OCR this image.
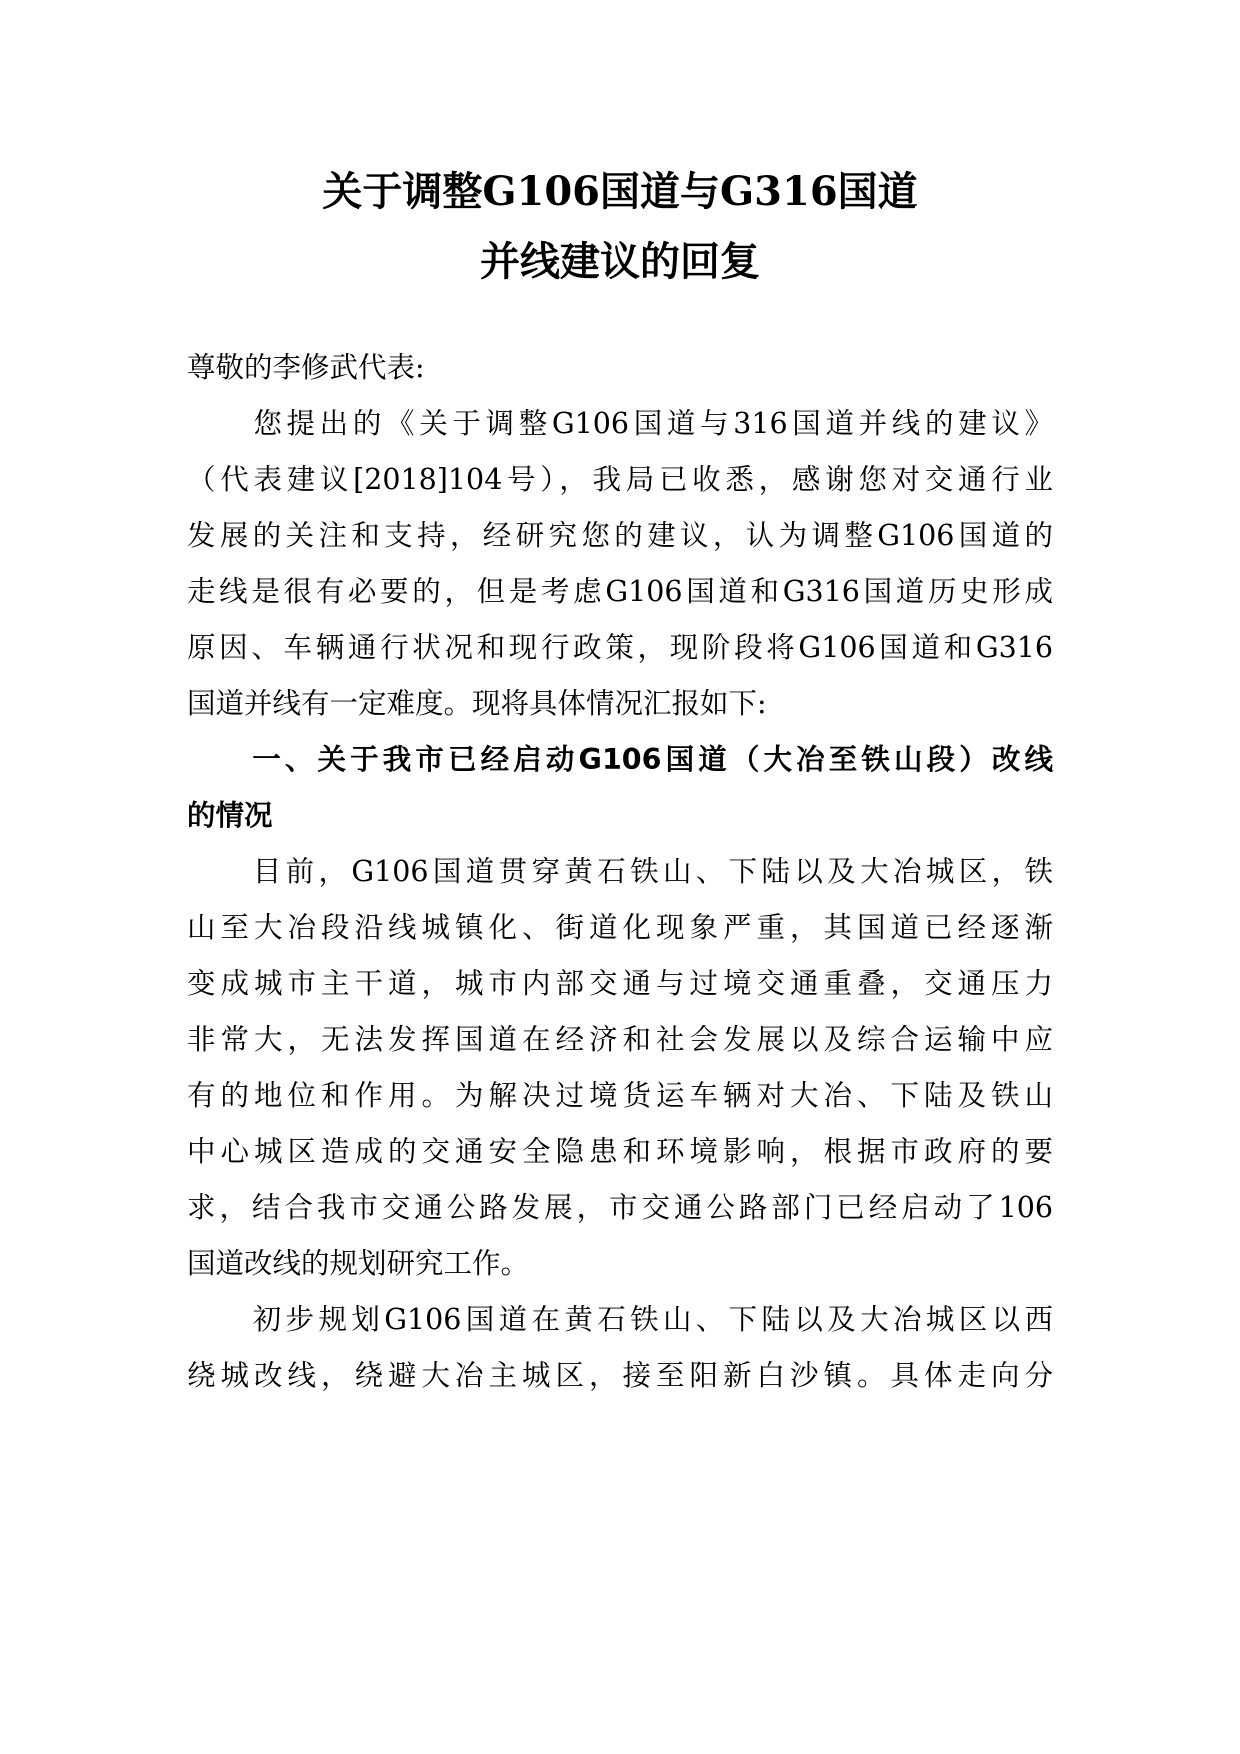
关于调整G106国道与G316国道
并线建议的回复
尊敬的李修武代表:
　　您提出的《关于调整G106国道与316国道并线的建议》
（代表建议[2018]104号），我局已收悉，感谢您对交通行业
发展的关注和支持，经研究您的建议，认为调整G106国道的
走线是很有必要的，但是考虑G106国道和G316国道历史形成
原因、车辆通行状况和现行政策，现阶段将G106国道和G316
国道并线有一定难度。现将具体情况汇报如下:
　　一、关于我市已经启动G106国道（大冶至铁山段）改线
的情况
　　目前，G106国道贯穿黄石铁山、下陆以及大冶城区，铁
山至大冶段沿线城镇化、街道化现象严重，其国道已经逐渐
变成城市主干道，城市内部交通与过境交通重叠，交通压力
非常大，无法发挥国道在经济和社会发展以及综合运输中应
有的地位和作用。为解决过境货运车辆对大冶、下陆及铁山
中心城区造成的交通安全隐患和环境影响，根据市政府的要
求，结合我市交通公路发展，市交通公路部门已经启动了106
国道改线的规划研究工作。
　　初步规划G106国道在黄石铁山、下陆以及大冶城区以西
绕城改线，绕避大冶主城区，接至阳新白沙镇。具体走向分
